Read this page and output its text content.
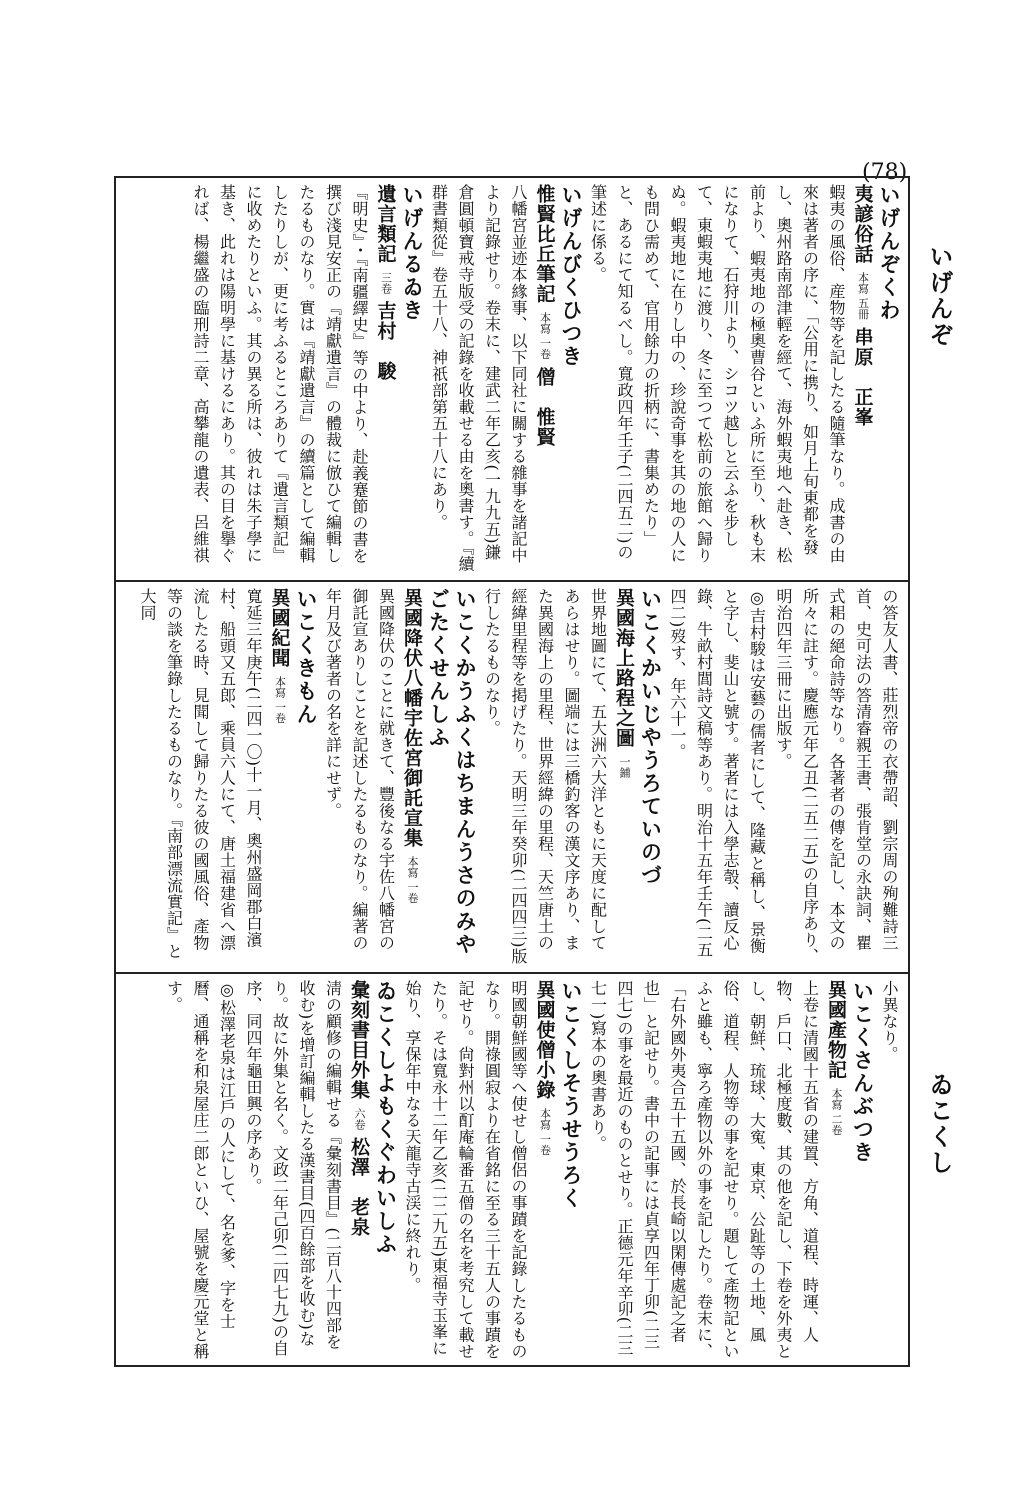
(78)
いげんぞ
ゐこくし

いげんぞくわ

夷諺俗話 本寫 五冊 串原　正峯

蝦夷の風俗、産物等を記したる隨筆なり。成書の由來は著者の序に、「公用に携り、如月上旬東都を發し、奧州路南部津輕を經て、海外蝦夷地へ赴き、松前より、蝦夷地の極奧曹谷といふ所に至り、秋も末になりて、石狩川より、シコツ越しと云ふを步して、東蝦夷地に渡り、冬に至つて松前の旅館へ歸りぬ。蝦夷地に在りし中の、珍說奇事を其の地の人にも問ひ需めて、官用餘力の折柄に、書集めたり」と、あるにて知るべし。寬政四年壬子(二四五二)の筆述に係る。

いげんびくひつき

惟賢比丘筆記 本寫 一卷 僧　惟賢

八幡宮並迹本緣事、以下同社に關する雜事を諸記中より記錄せり。卷末に、建武二年乙亥(一九九五)鎌倉圓頓寶戒寺版受の記錄を收載せる由を奧書す。『續群書類從』卷五十八、神祇部第五十八にあり。

いげんるゐき

遺言類記 三卷 吉村　駿

『明史』・『南疆繹史』等の中より、赴義蹇節の書を撰び淺見安正の『靖獻遺言』の體裁に倣ひて編輯したるものなり。實は『靖獻遺言』の續篇として編輯したりしが、更に考ふるところありて『遺言類記』に收めたりといふ。其の異る所は、彼れは朱子學に基き、此れは陽明學に基けるにあり。其の目を擧ぐれば、楊繼盛の臨刑詩二章、高攀龍の遺表、呂維祺

の答友人書、莊烈帝の衣帶詔、劉宗周の殉難詩三首、史可法の答清睿親王書、張肯堂の永訣詞、瞿式耜の絕命詩等なり。各著者の傳を記し、本文の所々に註す。慶應元年乙丑(二五二五)の自序あり、明治四年三冊に出版す。

◎吉村駿は安藝の儒者にして、隆藏と稱し、景衡と字し、斐山と號す。著者には入學志彀、讀反心錄、牛畝村閭詩文稿等あり。明治十五年壬午(二五四二)歿す、年六十一。

いこくかいじやうろていのづ

異國海上路程之圖 一鋪

世界地圖にて、五大洲六大洋ともに天度に配してあらはせり。圖端には三橋釣客の漢文序あり、また異國海上の里程、世界經緯の里程、天竺唐土の經緯里程等を掲げたり。天明三年癸卯(二四四三)版行したるものなり。

いこくかうふくはちまんうさのみやごたくせんしふ

異國降伏八幡宇佐宮御託宣集 本寫 一卷

異國降伏のことに就きて、豐後なる宇佐八幡宮の御託宣ありしことを記述したるものなり。編著の年月及び著者の名を詳にせず。

いこくきもん

異國紀聞 本寫 一卷

寬延三年庚午(二四一〇)十一月、奧州盛岡郡白濱村、船頭又五郎、乘員六人にて、唐土福建省へ漂流したる時、見聞して歸りたる彼の國風俗、產物等の談を筆錄したるものなり。『南部漂流實記』と大同

小異なり。

いこくさんぶつき

異國產物記 本寫 二卷

上卷に清國十五省の建置、方角、道程、時運、人物、戶口、北極度數、其の他を記し、下卷を外夷とし、朝鮮、琉球、大寃、東京、公趾等の土地、風俗、道程、人物等の事を記せり。題して產物記といふと雖も、寧ろ產物以外の事を記したり。卷末に、「右外國外夷合五十五國、於長崎以閑傳處記之者也」と記せり。書中の記事には貞享四年丁卯(二三四七)の事を最近のものとせり。正德元年辛卯(二三七一)寫本の奧書あり。

いこくしそうせうろく

異國使僧小錄 本寫 一卷

明國朝鮮國等へ使せし僧侶の事蹟を記錄したるものなり。開祿圓寂より在省銘に至る三十五人の事蹟を記せり。尙對州以酊庵輪番五僧の名を考究して載せたり。そは寬永十二年乙亥(二二九五)東福寺玉峯に始り、享保年中なる天龍寺古渓に終れり。

ゐこくしよもくぐわいしふ

彙刻書目外集 六卷 松澤　老泉

淸の顧修の編輯せる『彙刻書目』(二百八十四部を收む)を增訂編輯したる漢書目(四百餘部を收む)なり。故に外集と名く。文政二年己卯(二四七九)の自序、同四年龜田興の序あり。

◎松澤老泉は江戶の人にして、名を爹、字を士曆、通稱を和泉屋庄二郎といひ、屋號を慶元堂と稱す。
